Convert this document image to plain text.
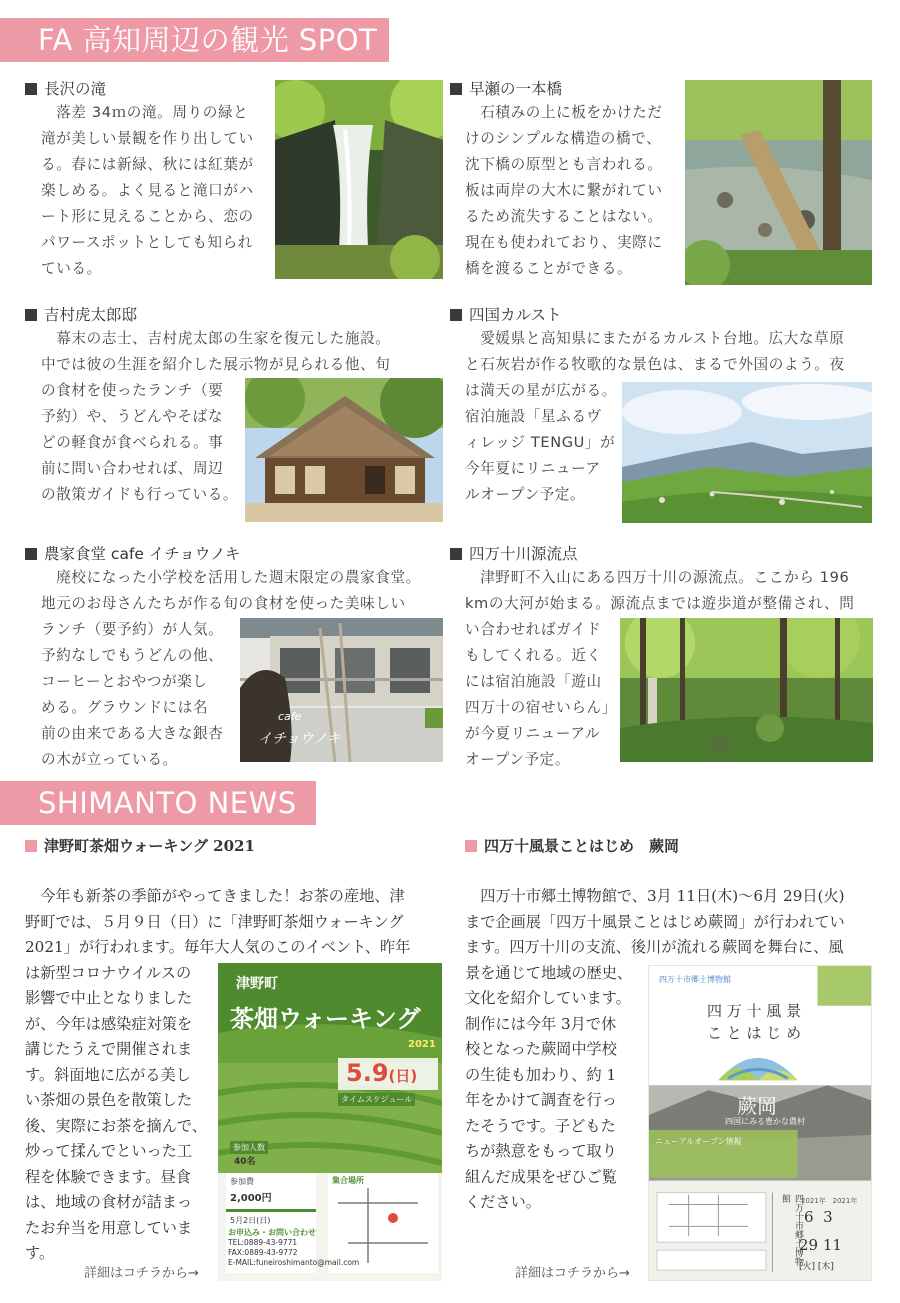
FA 高知周辺の観光 SPOT
長沢の滝
　落差 34ｍの滝。周りの緑と
滝が美しい景観を作り出してい
る。春には新緑、秋には紅葉が
楽しめる。よく見ると滝口がハ
ート形に見えることから、恋の
パワースポットとしても知られ
ている。
早瀬の一本橋
　石積みの上に板をかけただ
けのシンプルな構造の橋で、
沈下橋の原型とも言われる。
板は両岸の大木に繋がれてい
るため流失することはない。
現在も使われており、実際に
橋を渡ることができる。
吉村虎太郎邸
　幕末の志士、吉村虎太郎の生家を復元した施設。
中では彼の生涯を紹介した展示物が見られる他、旬
の食材を使ったランチ（要
予約）や、うどんやそばな
どの軽食が食べられる。事
前に問い合わせれば、周辺
の散策ガイドも行っている。
四国カルスト
　愛媛県と高知県にまたがるカルスト台地。広大な草原
と石灰岩が作る牧歌的な景色は、まるで外国のよう。夜
は満天の星が広がる。
宿泊施設「星ふるヴ
ィレッジ TENGU」が
今年夏にリニューア
ルオープン予定。
農家食堂 cafe イチョウノキ
　廃校になった小学校を活用した週末限定の農家食堂。
地元のお母さんたちが作る旬の食材を使った美味しい
ランチ（要予約）が人気。
予約なしでもうどんの他、
コーヒーとおやつが楽し
める。グラウンドには名
前の由来である大きな銀杏
の木が立っている。
cafe
イチョウノキ
四万十川源流点
　津野町不入山にある四万十川の源流点。ここから 196
kmの大河が始まる。源流点までは遊歩道が整備され、問
い合わせればガイド
もしてくれる。近く
には宿泊施設「遊山
四万十の宿せいらん」
が今夏リニューアル
オープン予定。
SHIMANTO NEWS
津野町茶畑ウォーキング 2021
　今年も新茶の季節がやってきました！お茶の産地、津
野町では、５月９日（日）に「津野町茶畑ウォーキング
2021」が行われます。毎年大人気のこのイベント、昨年
は新型コロナウイルスの
影響で中止となりました
が、今年は感染症対策を
講じたうえで開催されま
す。斜面地に広がる美し
い茶畑の景色を散策した
後、実際にお茶を摘んで、
炒って揉んでといった工
程を体験できます。昼食
は、地域の食材が詰まっ
たお弁当を用意していま
す。
詳細はコチラから→
津野町
茶畑ウォーキング
2021
5.9(日)
タイムスケジュール
参加人数
40名
参加費
2,000円
5月2日(日)
集合場所
お申込み・お問い合わせ
TEL:0889-43-9771
FAX:0889-43-9772
E-MAIL:funeiroshimanto@mail.com
四万十風景ことはじめ　蕨岡
　四万十市郷土博物館で、3月 11日(木)〜6月 29日(火)
まで企画展「四万十風景ことはじめ蕨岡」が行われてい
ます。四万十川の支流、後川が流れる蕨岡を舞台に、風
景を通じて地域の歴史、
文化を紹介しています。
制作には今年 3月で休
校となった蕨岡中学校
の生徒も加わり、約 1
年をかけて調査を行っ
たそうです。子どもた
ちが熱意をもって取り
組んだ成果をぜひご覧
ください。
詳細はコチラから→
四万十市郷土博物館
四 万 十 風 景
こ と は じ め
蕨岡
四国にみる豊かな農村
ニューアルオープン情報
四万十市郷土博物館	2021年 2021年
6 3
29 11
[火] [木]
